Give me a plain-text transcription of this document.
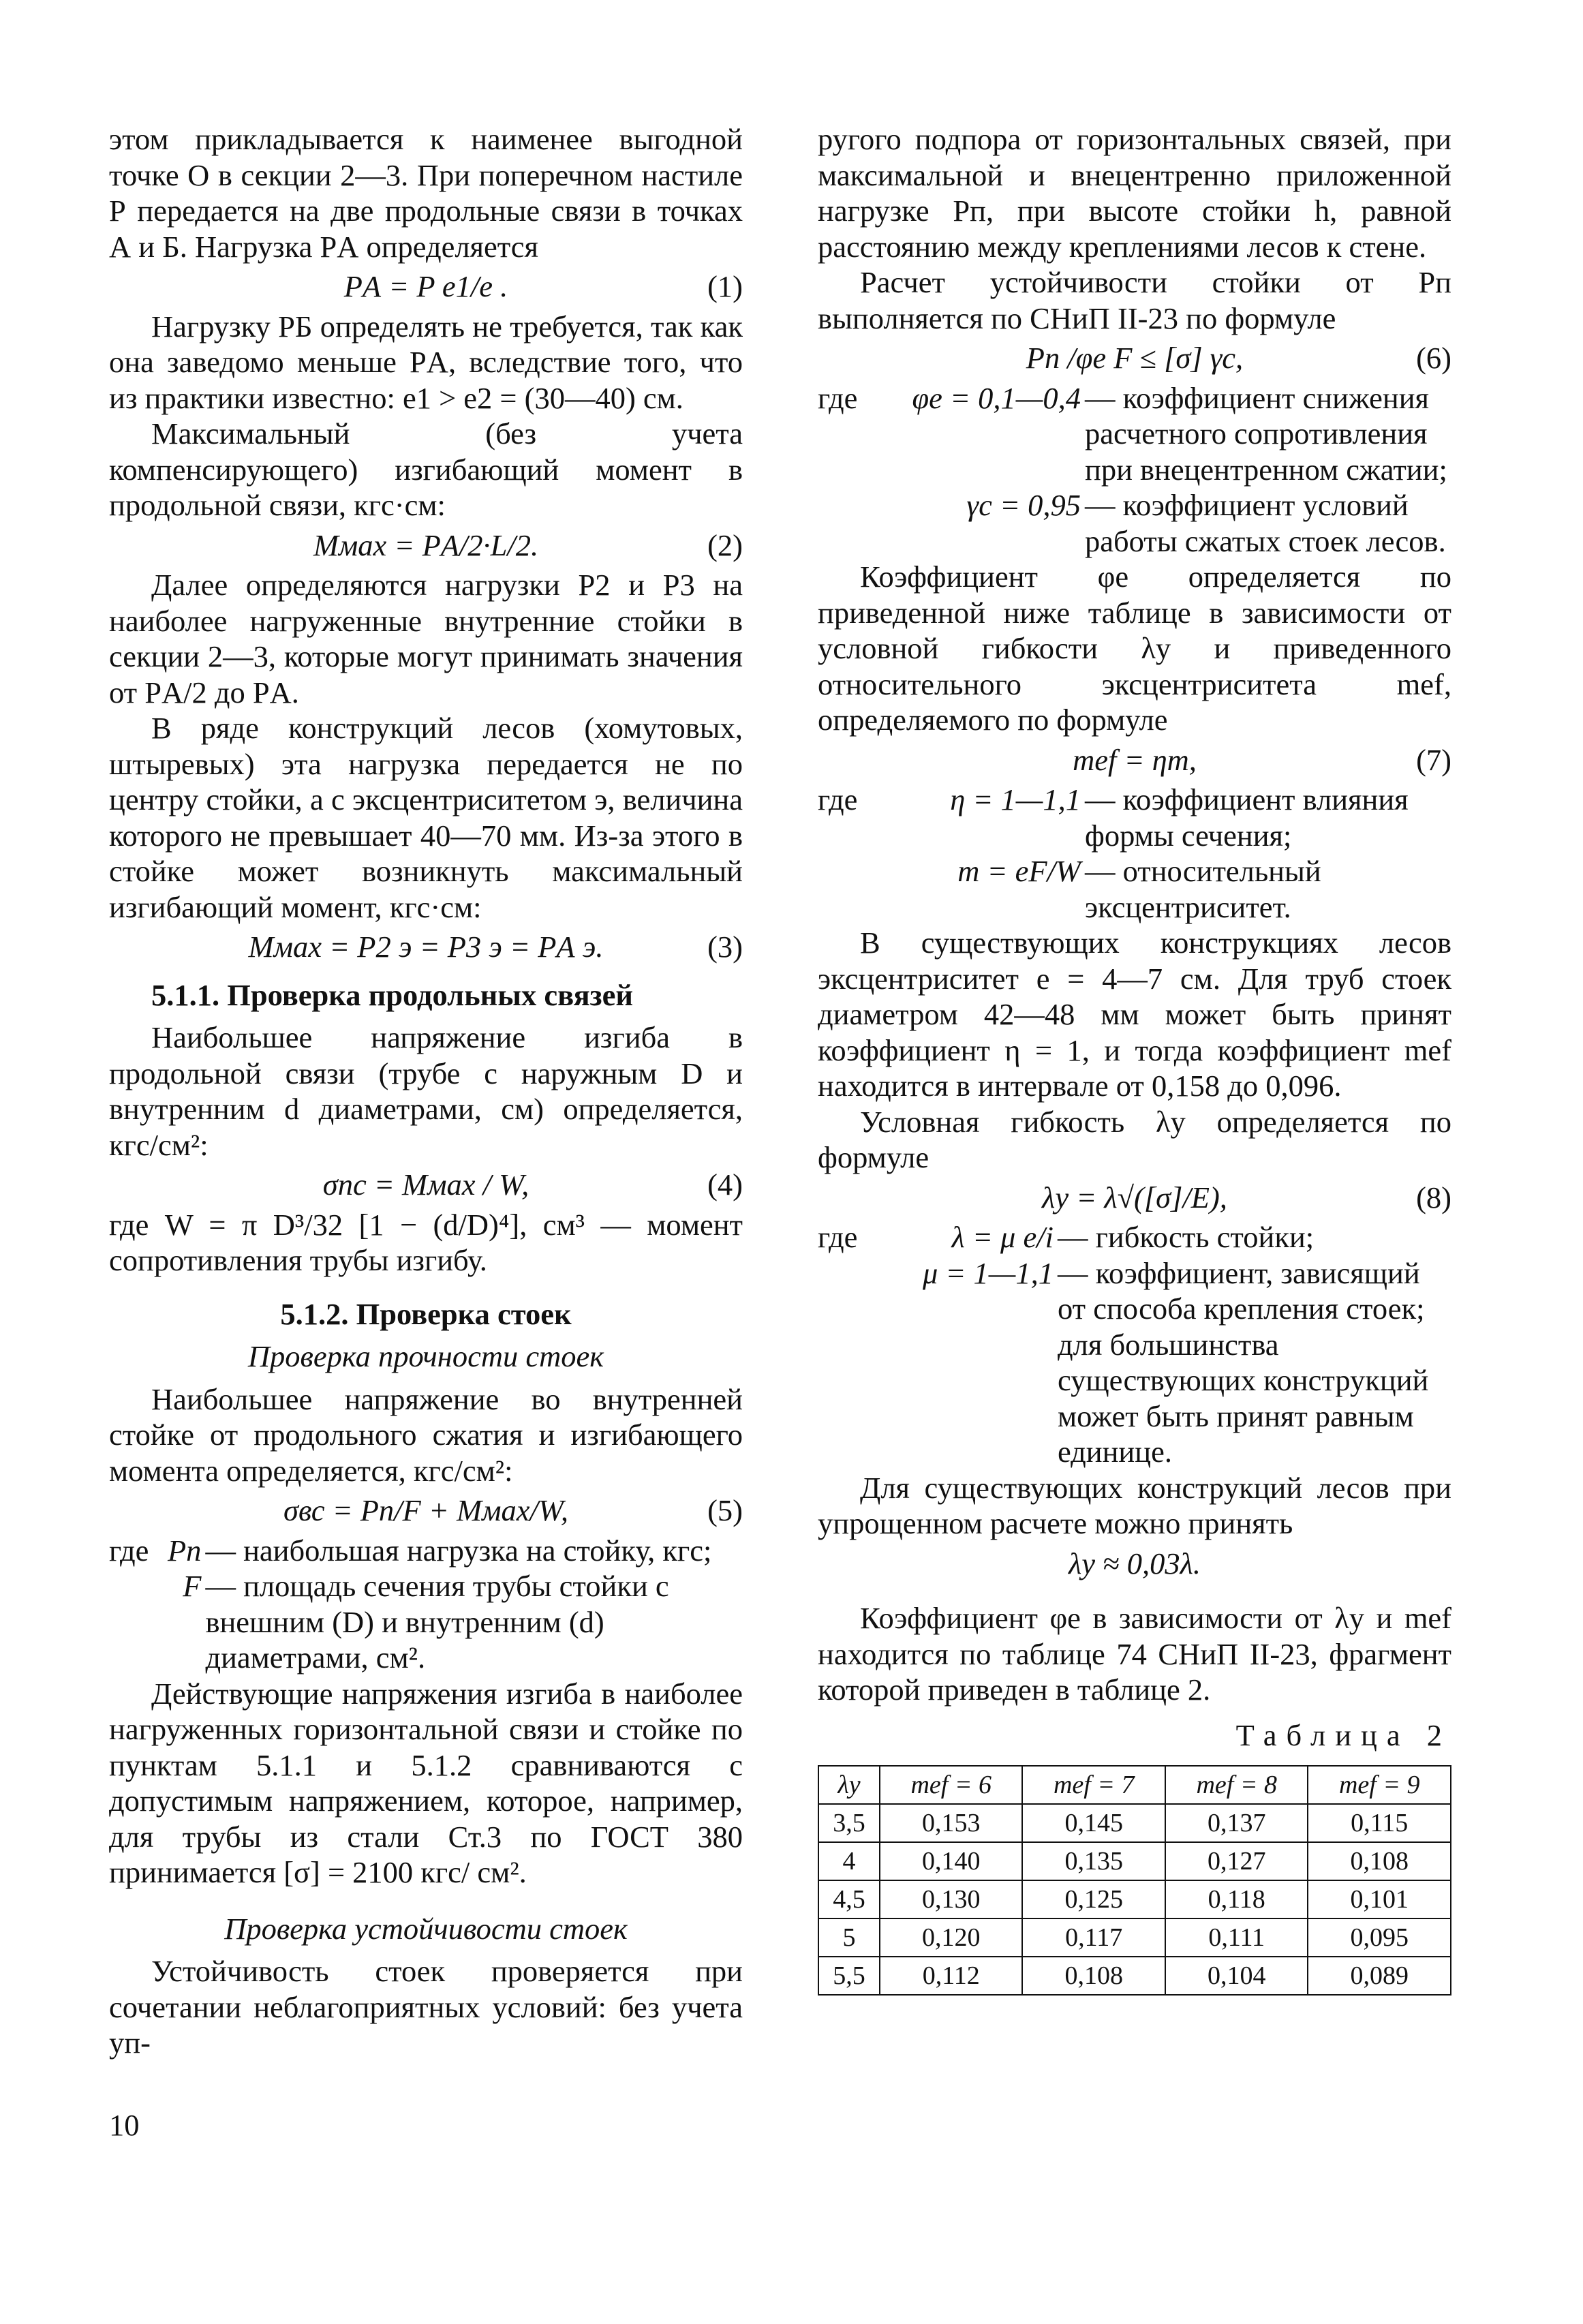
этом прикладывается к наименее выгодной точке О в секции 2—3. При поперечном настиле Р передается на две продольные связи в точках А и Б. Нагрузка PА определяется

PА = P e1/e .	(1)

Нагрузку PБ определять не требуется, так как она заведомо меньше PА, вследствие того, что из практики известно: e1 > e2 = (30—40) см.

Максимальный (без учета компенсирующего) изгибающий момент в продольной связи, кгс·см:

Mмах = PА/2·L/2.	(2)

Далее определяются нагрузки P2 и P3 на наиболее нагруженные внутренние стойки в секции 2—3, которые могут принимать значения от PА/2 до PА.

В ряде конструкций лесов (хомутовых, штыревых) эта нагрузка передается не по центру стойки, а с эксцентриситетом э, величина которого не превышает 40—70 мм. Из-за этого в стойке может возникнуть максимальный изгибающий момент, кгс·см:

Mмах = P2 э = P3 э = PА э.	(3)
5.1.1. Проверка продольных связей

Наибольшее напряжение изгиба в продольной связи (трубе с наружным D и внутренним d диаметрами, см) определяется, кгс/см²:

σпс = Mмах / W,	(4)

где W = π D³/32 [1 − (d/D)⁴], см³ — момент сопротивления трубы изгибу.

5.1.2. Проверка стоек
Проверка прочности стоек

Наибольшее напряжение во внутренней стойке от продольного сжатия и изгибающего момента определяется, кгс/см²:

σвс = Pп/F + Mмах/W,	(5)
где Pп — наибольшая нагрузка на стойку, кгс;
F — площадь сечения трубы стойки с внешним (D) и внутренним (d) диаметрами, см².

Действующие напряжения изгиба в наиболее нагруженных горизонтальной связи и стойке по пунктам 5.1.1 и 5.1.2 сравниваются с допустимым напряжением, которое, например, для трубы из стали Ст.3 по ГОСТ 380 принимается [σ] = 2100 кгс/ см².

Проверка устойчивости стоек

Устойчивость стоек проверяется при сочетании неблагоприятных условий: без учета уп-

ругого подпора от горизонтальных связей, при максимальной и внецентренно приложенной нагрузке Pп, при высоте стойки h, равной расстоянию между креплениями лесов к стене.

Расчет устойчивости стойки от Pп выполняется по СНиП II-23 по формуле

Pп /φe F ≤ [σ] γc,	(6)
где	φe = 0,1—0,4 — коэффициент снижения расчетного сопротивления при внецентренном сжатии;
γc = 0,95 — коэффициент условий работы сжатых стоек лесов.

Коэффициент φe определяется по приведенной ниже таблице в зависимости от условной гибкости λy и приведенного относительного эксцентриситета mef, определяемого по формуле

mef = ηm,	(7)
где	η = 1—1,1 — коэффициент влияния формы сечения;
m = eF/W — относительный эксцентриситет.

В существующих конструкциях лесов эксцентриситет e = 4—7 см. Для труб стоек диаметром 42—48 мм может быть принят коэффициент η = 1, и тогда коэффициент mef находится в интервале от 0,158 до 0,096.

Условная гибкость λy определяется по формуле

λy = λ√([σ]/E),	(8)
где	λ = μ e/i — гибкость стойки;
μ = 1—1,1 — коэффициент, зависящий от способа крепления стоек; для большинства существующих конструкций может быть принят равным единице.

Для существующих конструкций лесов при упрощенном расчете можно принять

λy ≈ 0,03λ.

Коэффициент φe в зависимости от λy и mef находится по таблице 74 СНиП II-23, фрагмент которой приведен в таблице 2.

Таблица 2
λy	mef = 6	mef = 7	mef = 8	mef = 9
3,5	0,153	0,145	0,137	0,115
4	0,140	0,135	0,127	0,108
4,5	0,130	0,125	0,118	0,101
5	0,120	0,117	0,111	0,095
5,5	0,112	0,108	0,104	0,089
10
